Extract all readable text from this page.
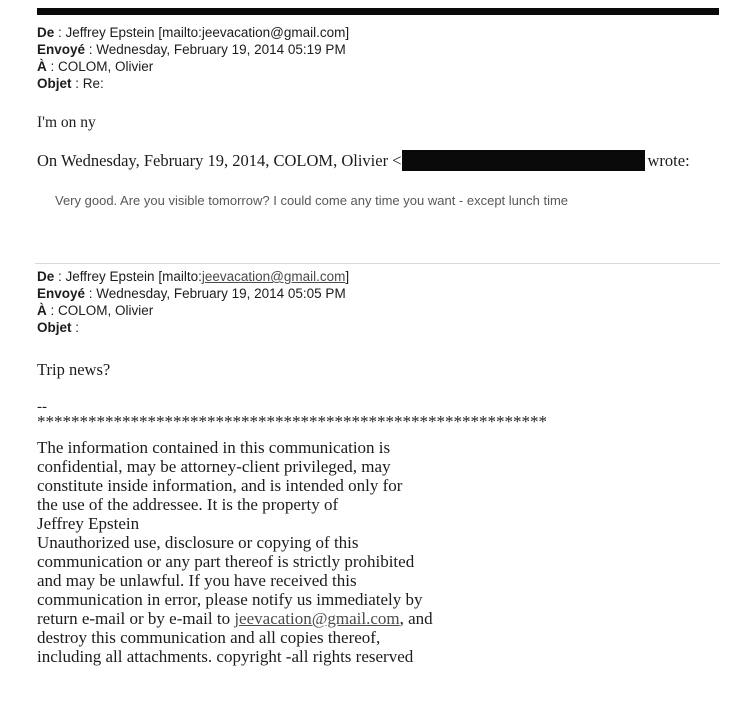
De : Jeffrey Epstein [mailto:jeevacation@gmail.com]
Envoyé : Wednesday, February 19, 2014 05:19 PM
À : COLOM, Olivier
Objet : Re:
I'm on ny
On Wednesday, February 19, 2014, COLOM, Olivier <	wrote:
Very good. Are you visible tomorrow? I could come any time you want - except lunch time
De : Jeffrey Epstein [mailto:jeevacation@gmail.com]
Envoyé : Wednesday, February 19, 2014 05:05 PM
À : COLOM, Olivier
Objet :
Trip news?
--
************************************************************
The information contained in this communication is
confidential, may be attorney-client privileged, may
constitute inside information, and is intended only for
the use of the addressee. It is the property of
Jeffrey Epstein
Unauthorized use, disclosure or copying of this
communication or any part thereof is strictly prohibited
and may be unlawful. If you have received this
communication in error, please notify us immediately by
return e-mail or by e-mail to jeevacation@gmail.com, and
destroy this communication and all copies thereof,
including all attachments. copyright -all rights reserved
